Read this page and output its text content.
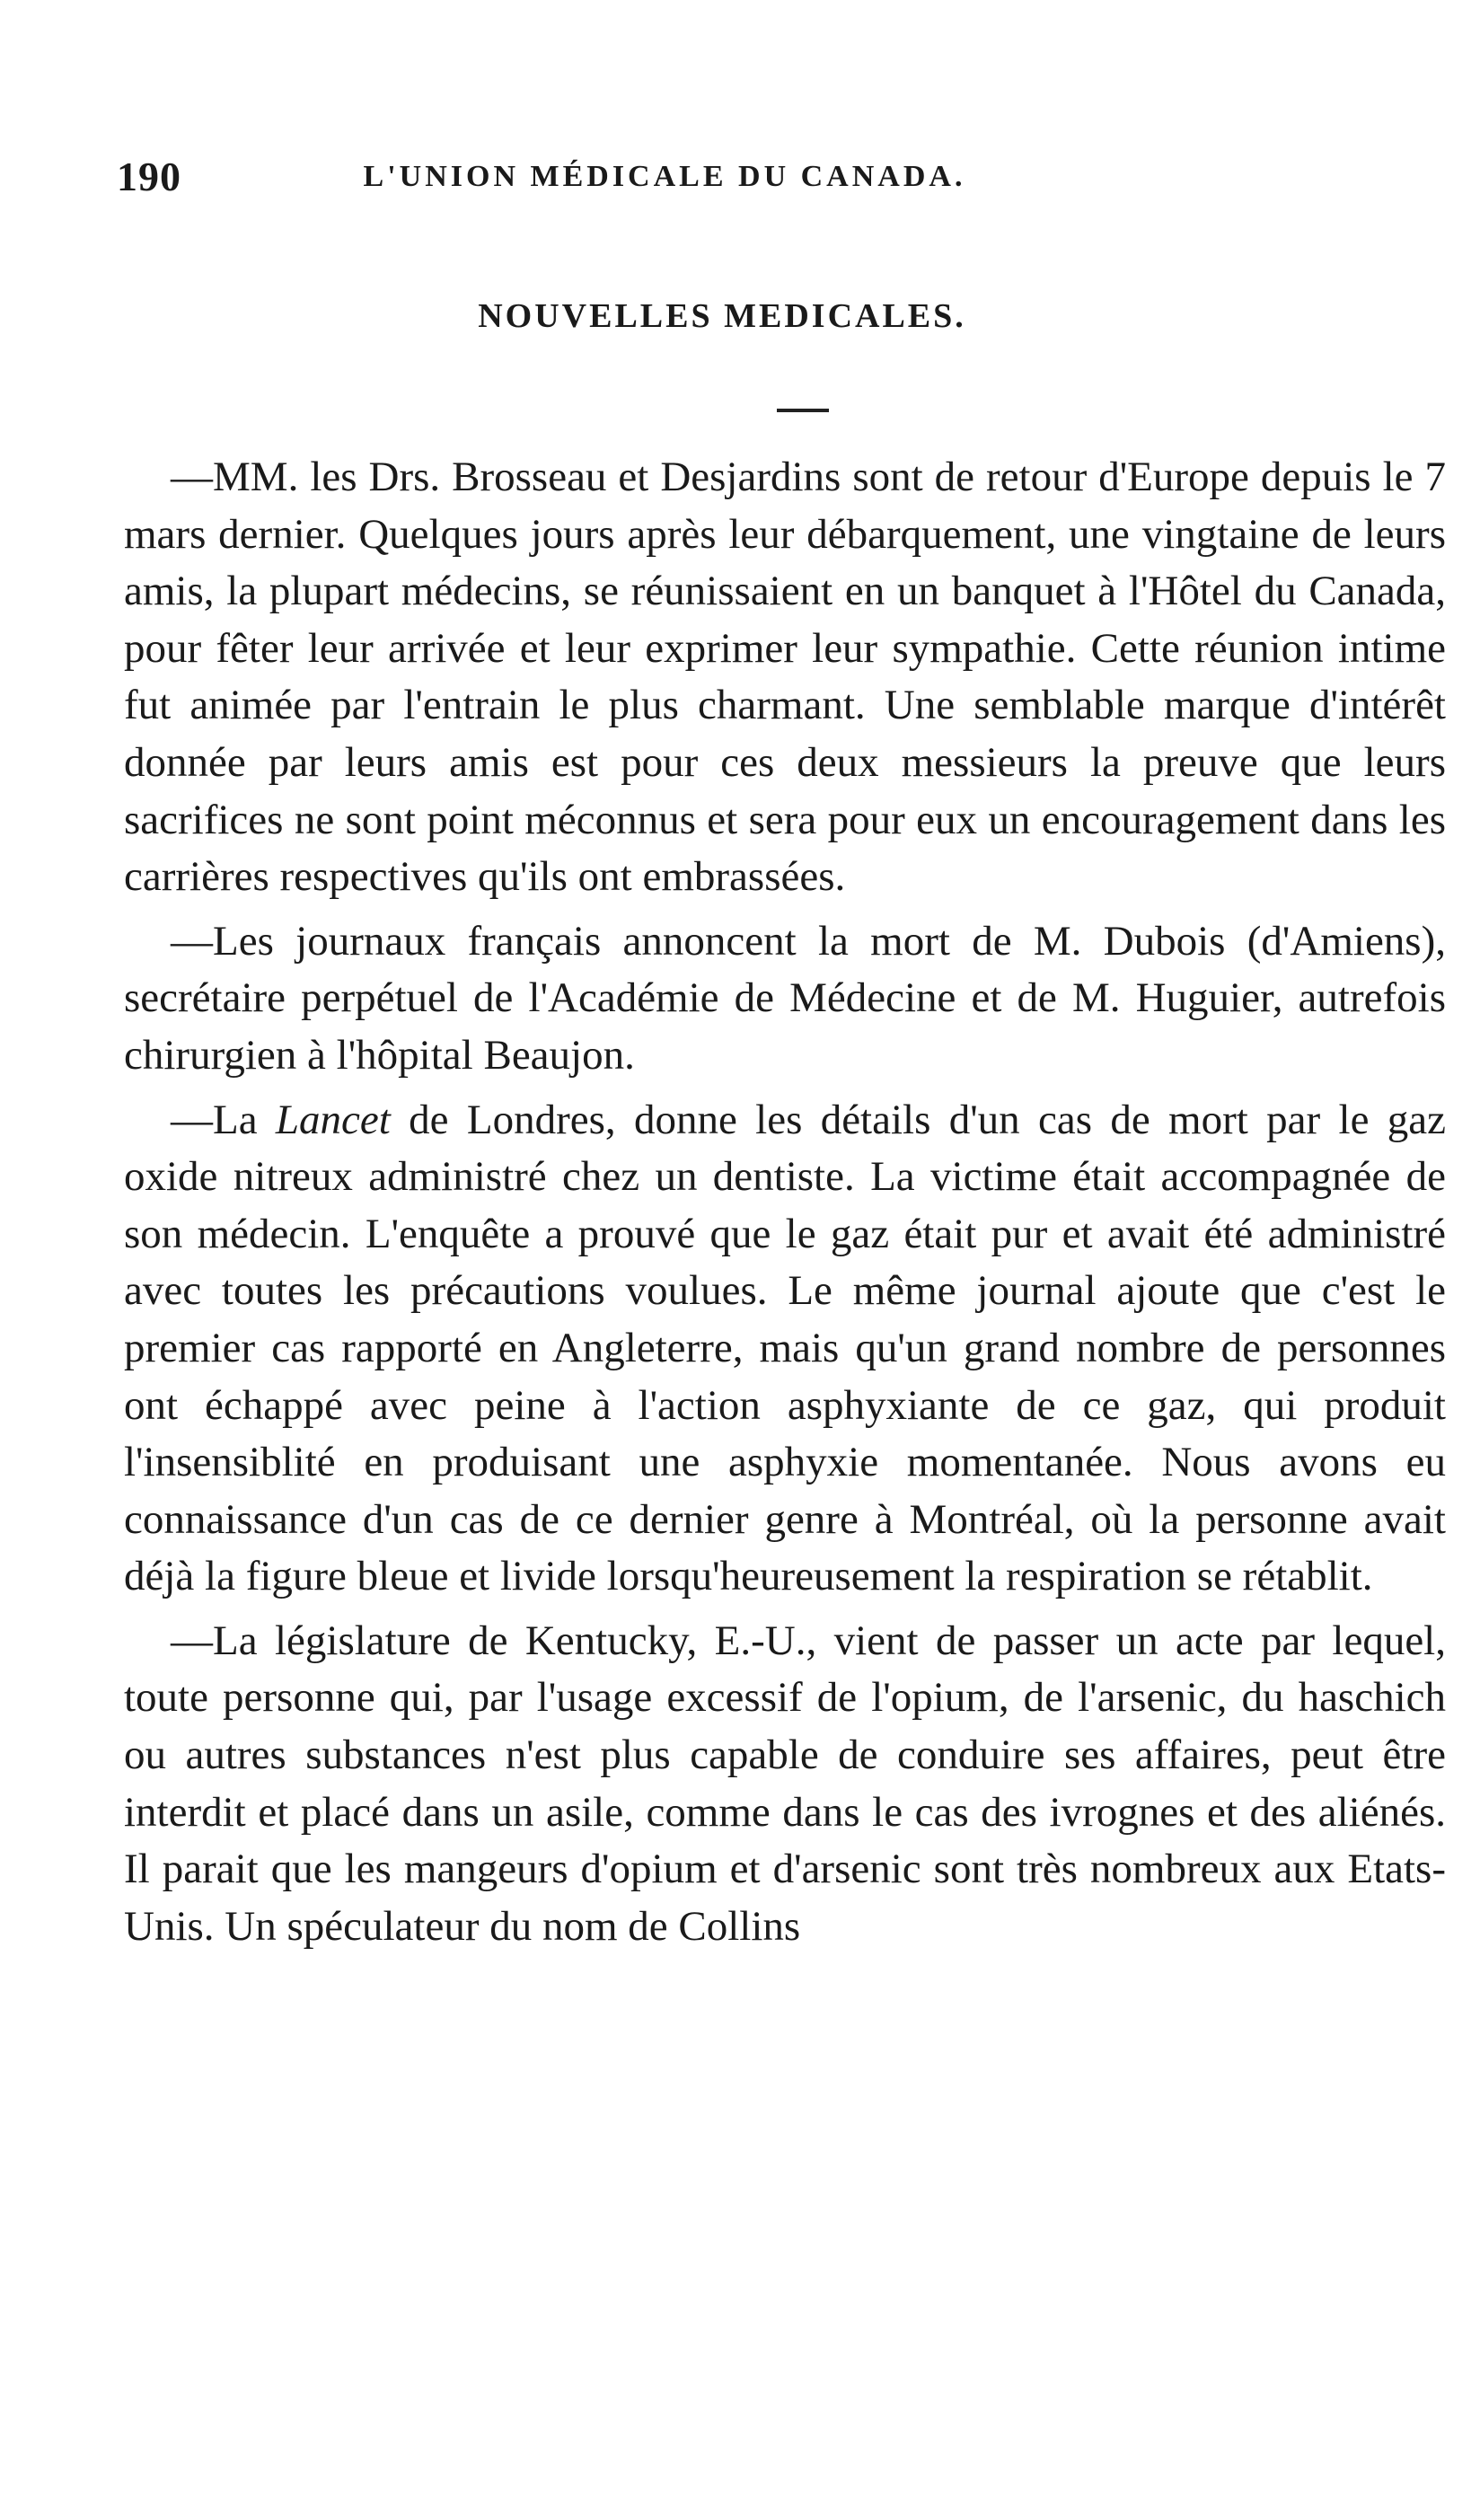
190	L'UNION MÉDICALE DU CANADA.
NOUVELLES MEDICALES.

—MM. les Drs. Brosseau et Desjardins sont de retour d'Europe depuis le 7 mars dernier. Quelques jours après leur débarquement, une vingtaine de leurs amis, la plupart médecins, se réunissaient en un banquet à l'Hôtel du Canada, pour fêter leur arrivée et leur exprimer leur sympathie. Cette réunion intime fut animée par l'entrain le plus charmant. Une semblable marque d'intérêt donnée par leurs amis est pour ces deux messieurs la preuve que leurs sacrifices ne sont point méconnus et sera pour eux un encouragement dans les carrières respectives qu'ils ont embrassées.

—Les journaux français annoncent la mort de M. Dubois (d'Amiens), secrétaire perpétuel de l'Académie de Médecine et de M. Huguier, autrefois chirurgien à l'hôpital Beaujon.

—La Lancet de Londres, donne les détails d'un cas de mort par le gaz oxide nitreux administré chez un dentiste. La victime était accompagnée de son médecin. L'enquête a prouvé que le gaz était pur et avait été administré avec toutes les précautions voulues. Le même journal ajoute que c'est le premier cas rapporté en Angleterre, mais qu'un grand nombre de personnes ont échappé avec peine à l'action asphyxiante de ce gaz, qui produit l'insensiblité en produisant une asphyxie momentanée. Nous avons eu connaissance d'un cas de ce dernier genre à Montréal, où la personne avait déjà la figure bleue et livide lorsqu'heureusement la respiration se rétablit.

—La législature de Kentucky, E.-U., vient de passer un acte par lequel, toute personne qui, par l'usage excessif de l'opium, de l'arsenic, du haschich ou autres substances n'est plus capable de conduire ses affaires, peut être interdit et placé dans un asile, comme dans le cas des ivrognes et des aliénés. Il parait que les mangeurs d'opium et d'arsenic sont très nombreux aux Etats-Unis. Un spéculateur du nom de Collins
